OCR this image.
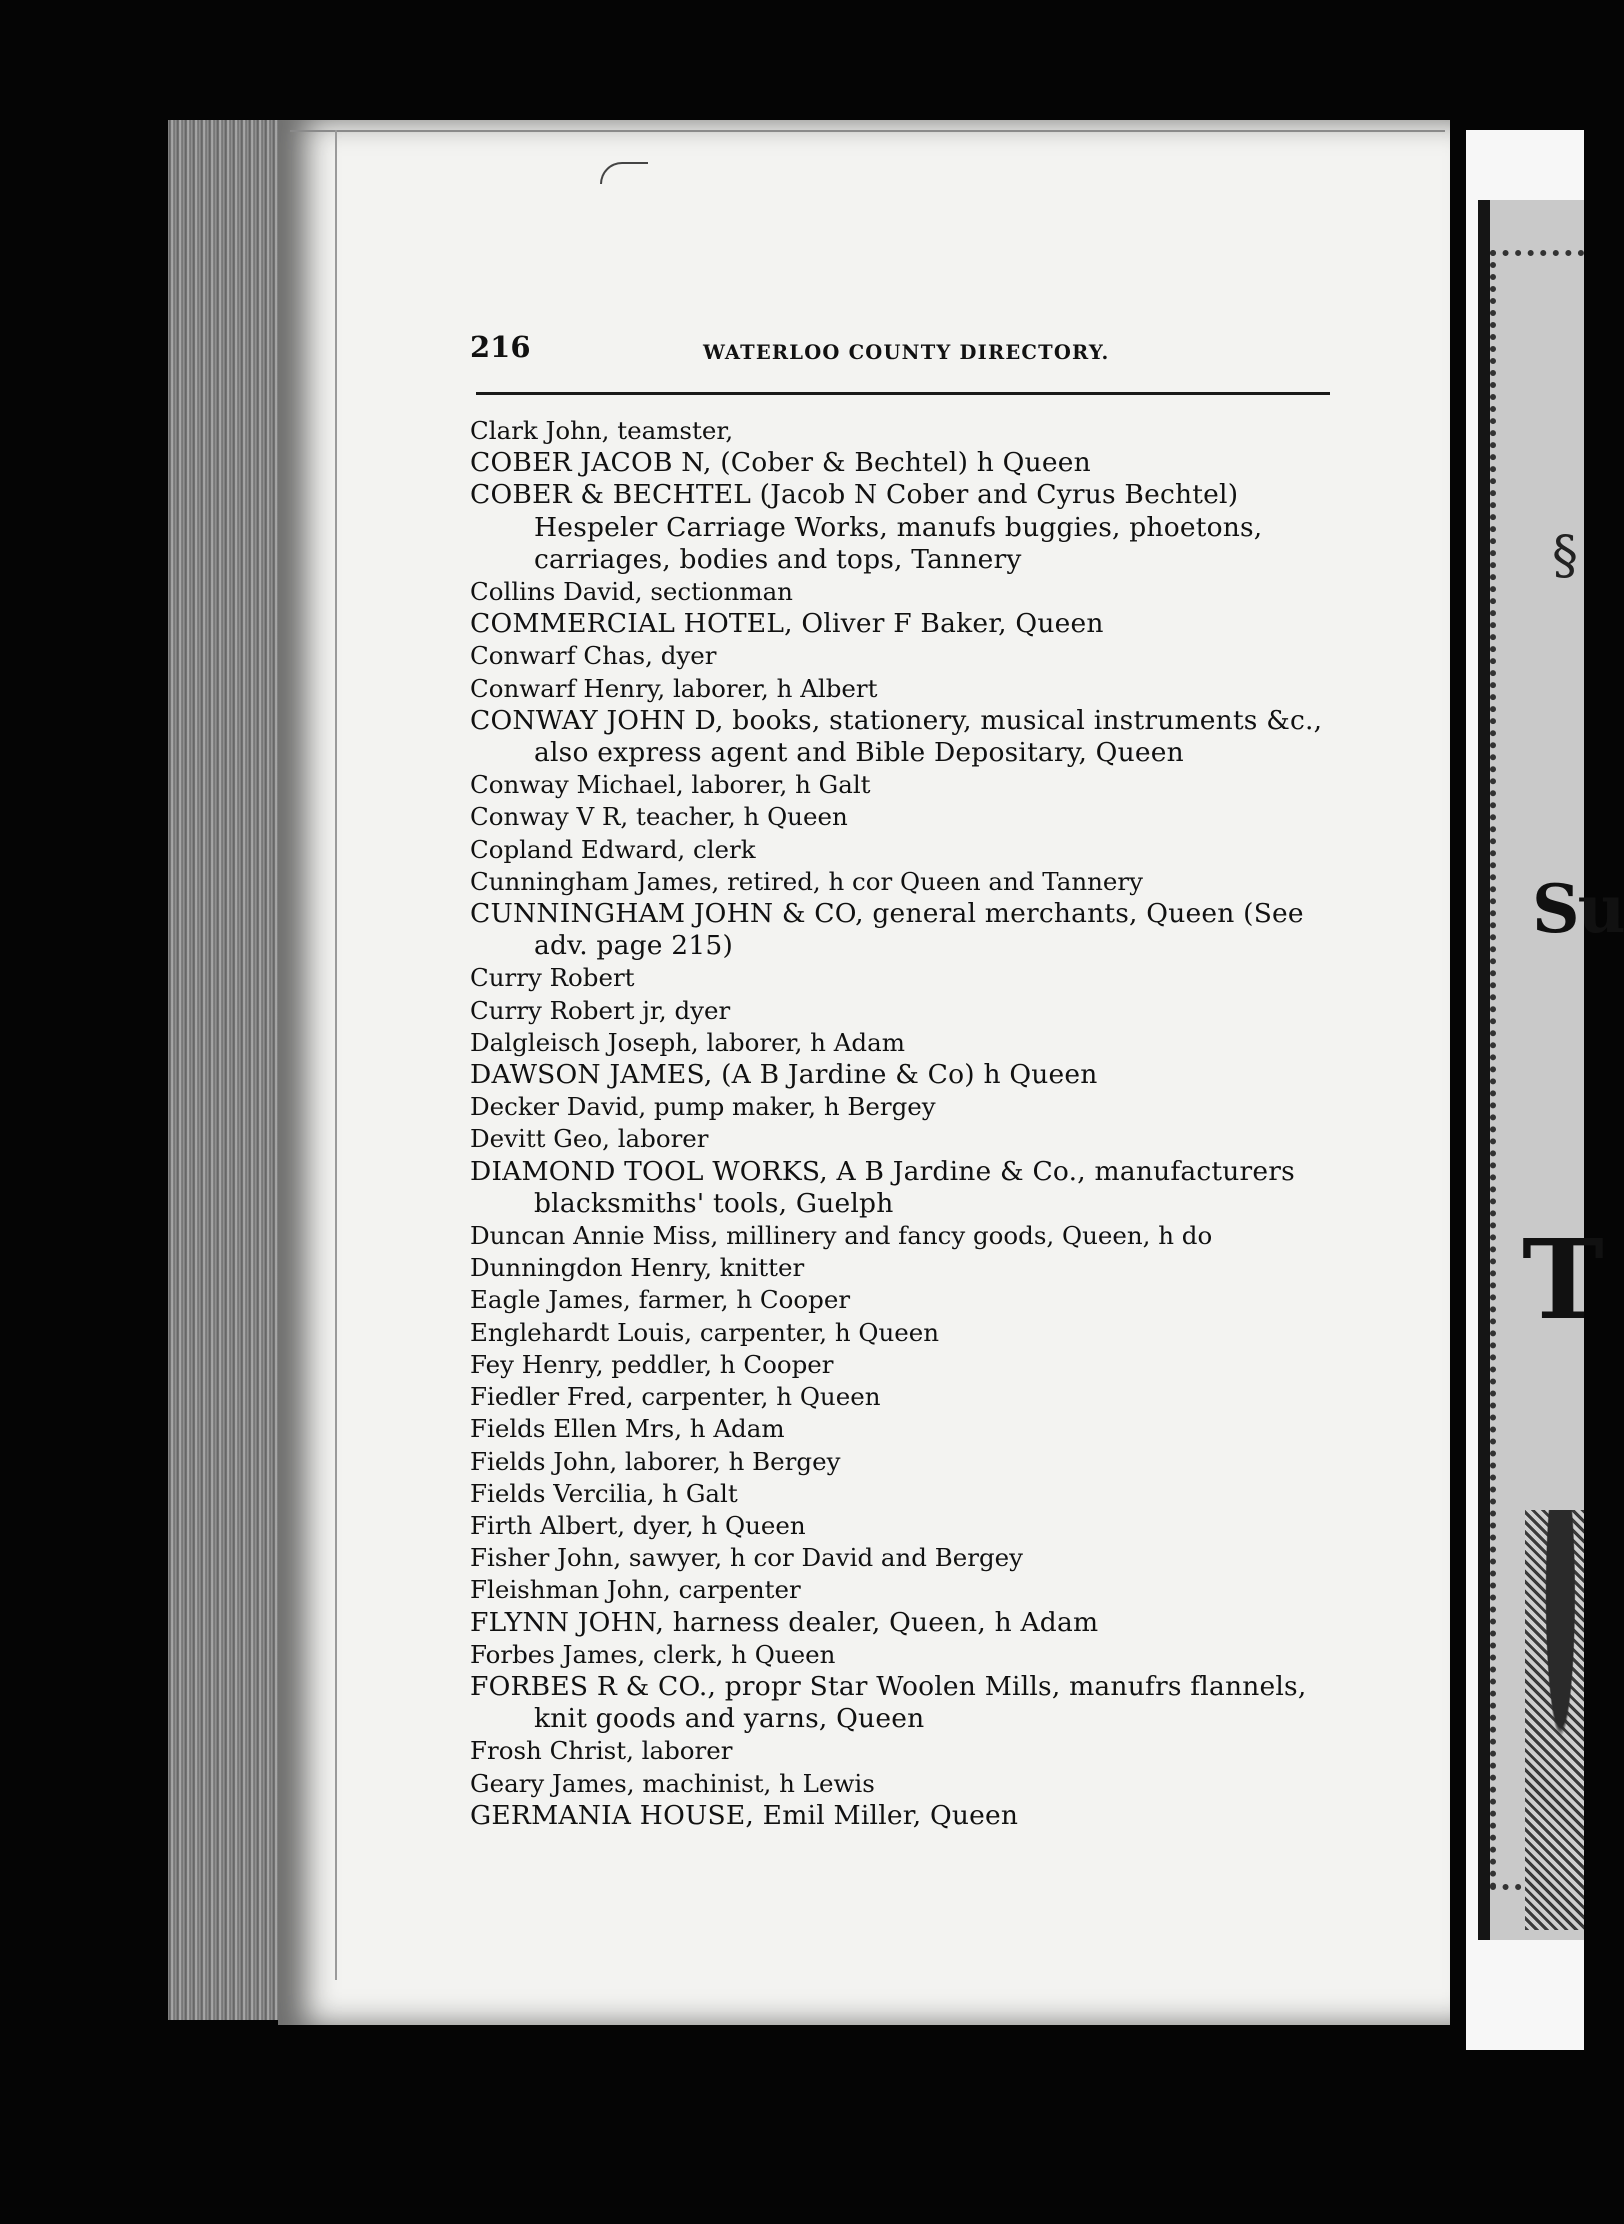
§
Su
T
216	WATERLOO COUNTY DIRECTORY.
Clark John, teamster,
COBER JACOB N, (Cober & Bechtel) h Queen
COBER & BECHTEL (Jacob N Cober and Cyrus Bechtel) Hespeler Carriage Works, manufs buggies, phoetons, carriages, bodies and tops, Tannery
Collins David, sectionman
COMMERCIAL HOTEL, Oliver F Baker, Queen
Conwarf Chas, dyer
Conwarf Henry, laborer, h Albert
CONWAY JOHN D, books, stationery, musical instruments &c., also express agent and Bible Depositary, Queen
Conway Michael, laborer, h Galt
Conway V R, teacher, h Queen
Copland Edward, clerk
Cunningham James, retired, h cor Queen and Tannery
CUNNINGHAM JOHN & CO, general merchants, Queen (See adv. page 215)
Curry Robert
Curry Robert jr, dyer
Dalgleisch Joseph, laborer, h Adam
DAWSON JAMES, (A B Jardine & Co) h Queen
Decker David, pump maker, h Bergey
Devitt Geo, laborer
DIAMOND TOOL WORKS, A B Jardine & Co., manufacturers blacksmiths' tools, Guelph
Duncan Annie Miss, millinery and fancy goods, Queen, h do
Dunningdon Henry, knitter
Eagle James, farmer, h Cooper
Englehardt Louis, carpenter, h Queen
Fey Henry, peddler, h Cooper
Fiedler Fred, carpenter, h Queen
Fields Ellen Mrs, h Adam
Fields John, laborer, h Bergey
Fields Vercilia, h Galt
Firth Albert, dyer, h Queen
Fisher John, sawyer, h cor David and Bergey
Fleishman John, carpenter
FLYNN JOHN, harness dealer, Queen, h Adam
Forbes James, clerk, h Queen
FORBES R & CO., propr Star Woolen Mills, manufrs flannels, knit goods and yarns, Queen
Frosh Christ, laborer
Geary James, machinist, h Lewis
GERMANIA HOUSE, Emil Miller, Queen
